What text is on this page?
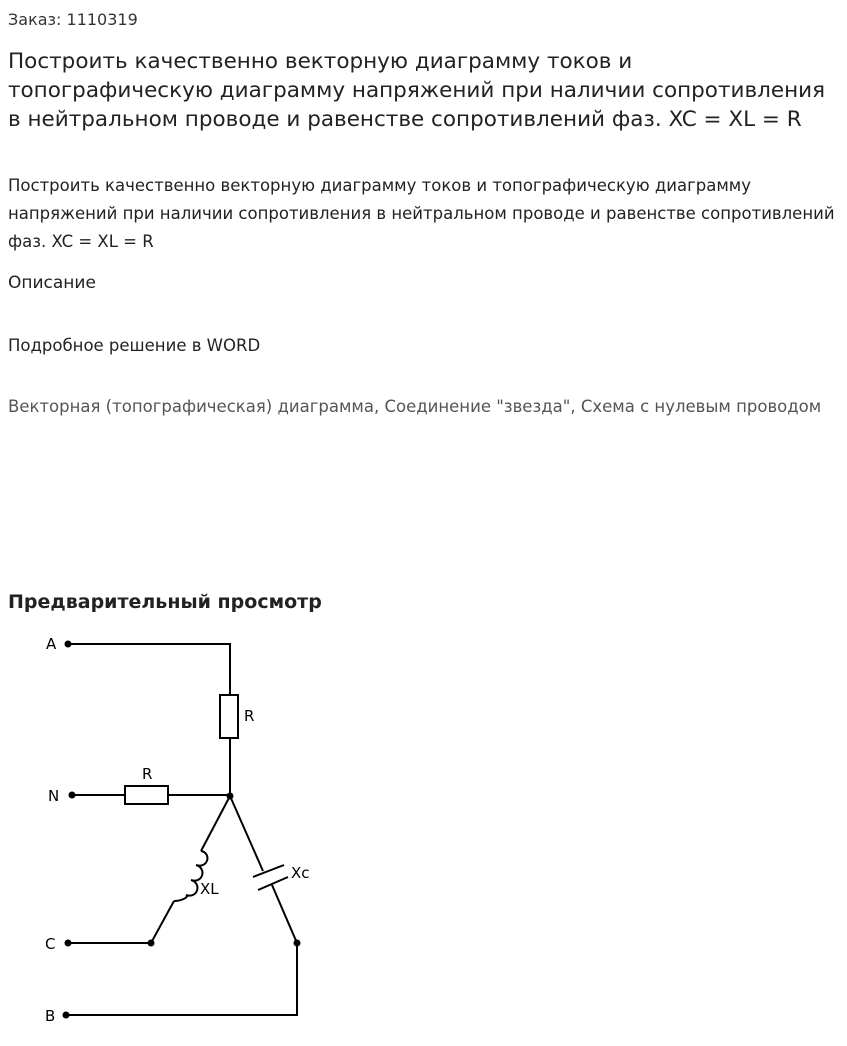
Заказ: 1110319
Построить качественно векторную диаграмму токов и топографическую диаграмму напряжений при наличии сопротивления в нейтральном проводе и равенстве сопротивлений фаз. XC = XL = R
Построить качественно векторную диаграмму токов и топографическую диаграмму напряжений при наличии сопротивления в нейтральном проводе и равенстве сопротивлений фаз. XC = XL = R
Описание
Подробное решение в WORD
Векторная (топографическая) диаграмма, Соединение "звезда", Схема с нулевым проводом
Предварительный просмотр
A
N
C
B
R
R
XL
Xc
